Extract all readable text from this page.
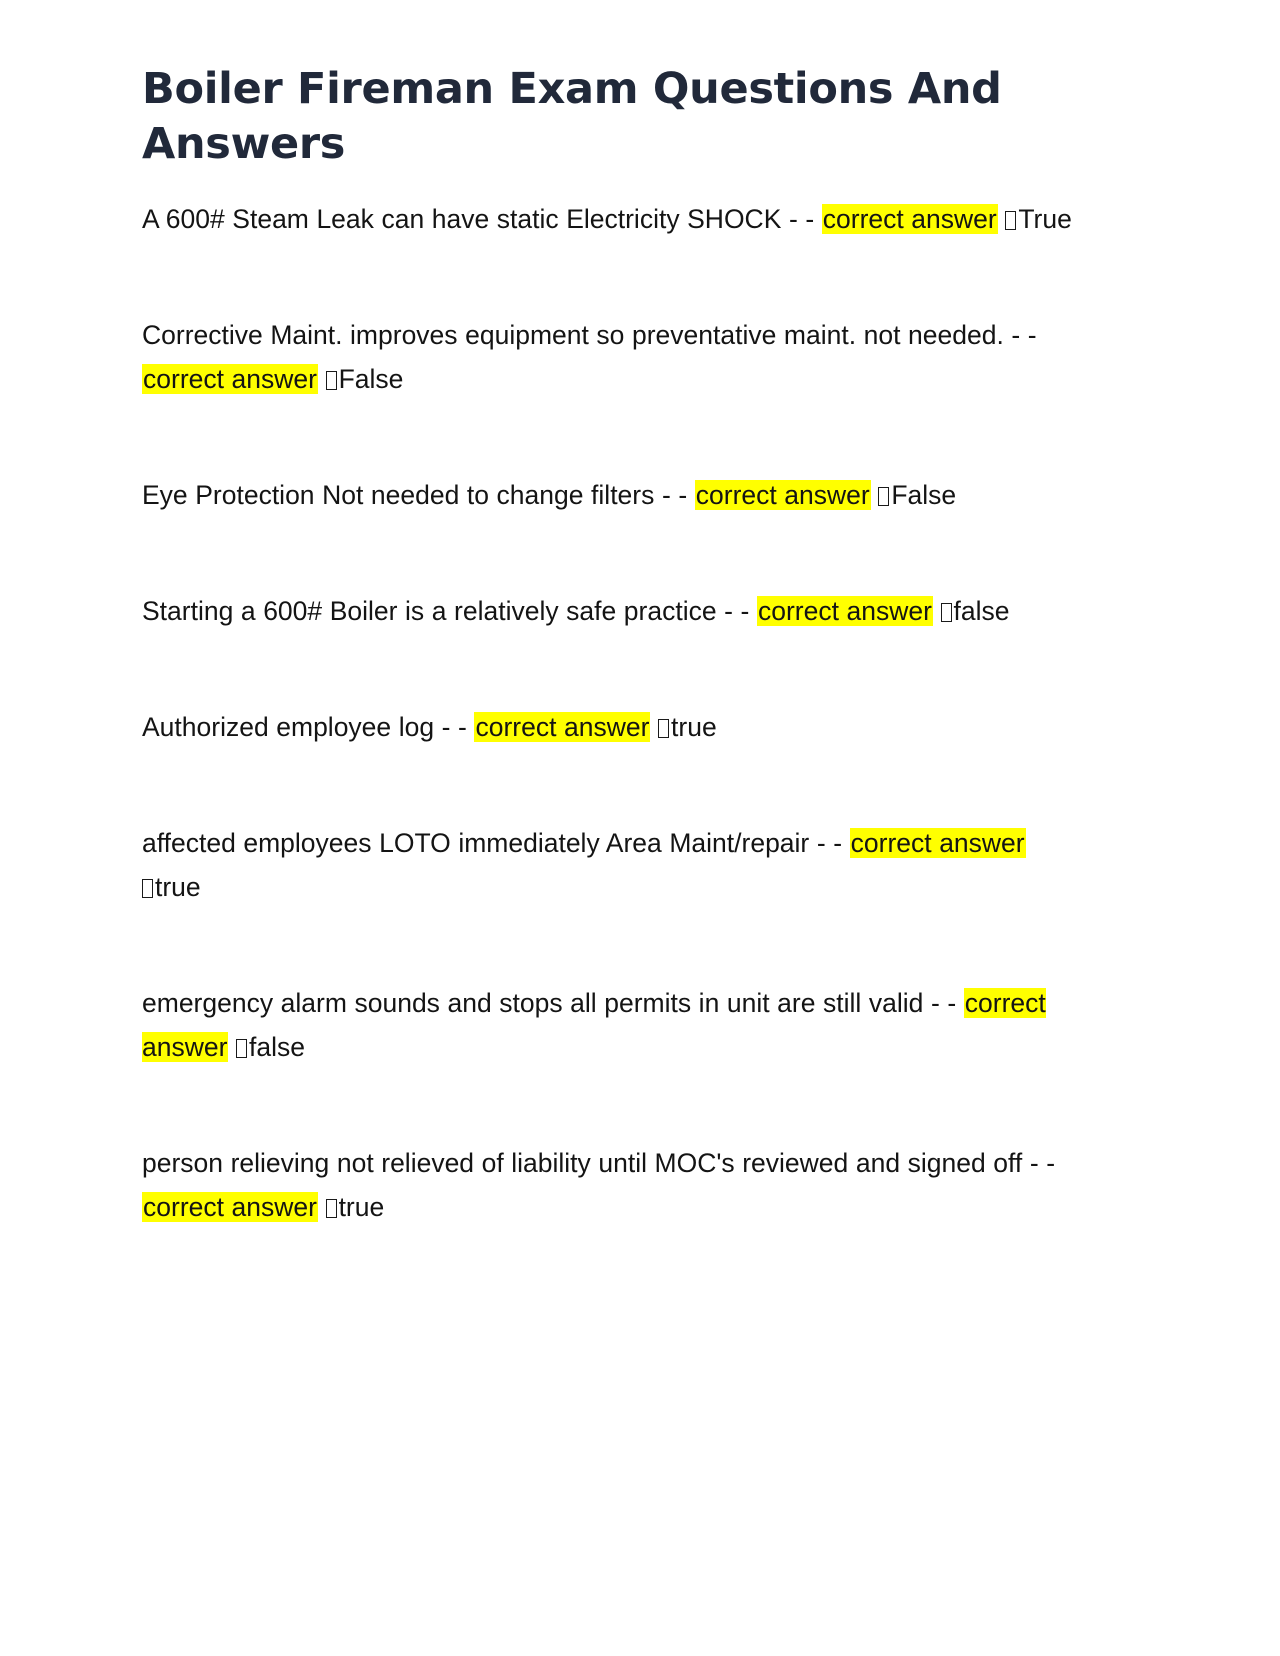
Boiler Fireman Exam Questions And Answers
A 600# Steam Leak can have static Electricity SHOCK - - correct answer True
Corrective Maint. improves equipment so preventative maint. not needed. - - correct answer False
Eye Protection Not needed to change filters - - correct answer False
Starting a 600# Boiler is a relatively safe practice - - correct answer false
Authorized employee log - - correct answer true
affected employees LOTO immediately Area Maint/repair - - correct answer true
emergency alarm sounds and stops all permits in unit are still valid - - correct answer false
person relieving not relieved of liability until MOC's reviewed and signed off - - correct answer true
